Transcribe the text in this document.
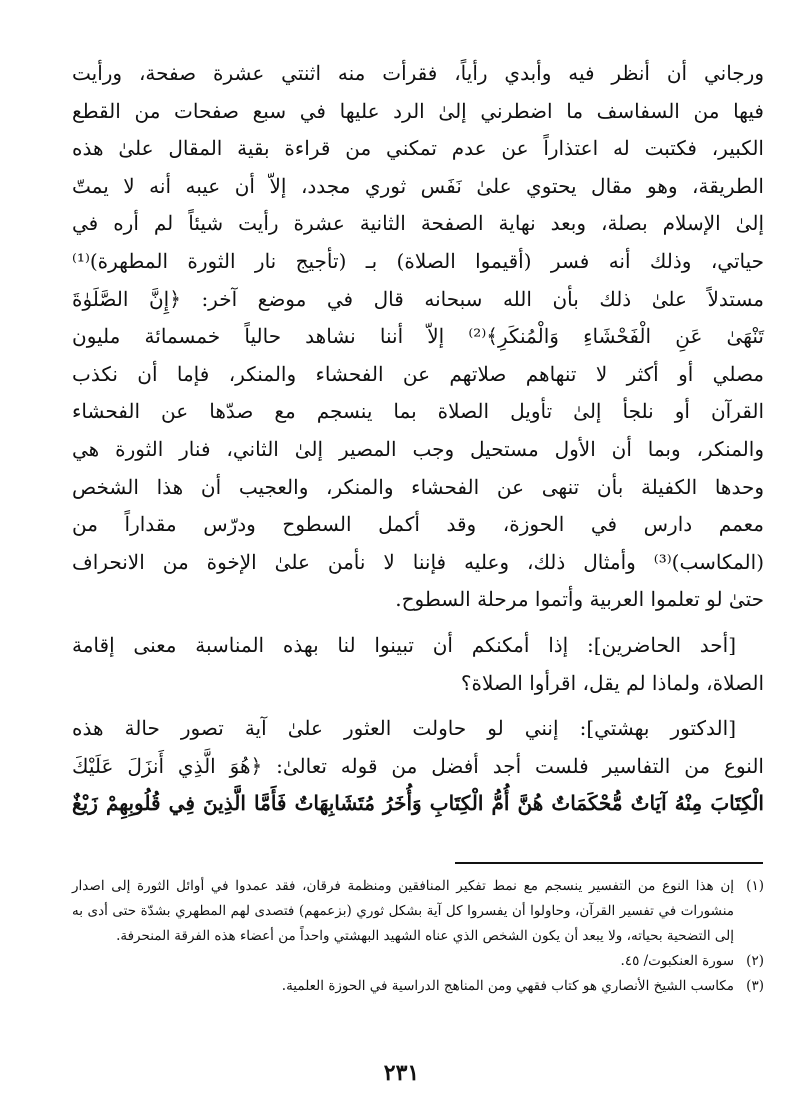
ورجاني أن أنظر فيه وأبدي رأياً، فقرأت منه اثنتي عشرة صفحة، ورأيت
فيها من السفاسف ما اضطرني إلىٰ الرد عليها في سبع صفحات من القطع
الكبير، فكتبت له اعتذاراً عن عدم تمكني من قراءة بقية المقال علىٰ هذه
الطريقة، وهو مقال يحتوي علىٰ نَفَس ثوري مجدد، إلاّ أن عيبه أنه لا يمتّ
إلىٰ الإسلام بصلة، وبعد نهاية الصفحة الثانية عشرة رأيت شيئاً لم أره في
حياتي، وذلك أنه فسر (أقيموا الصلاة) بـ (تأجيج نار الثورة المطهرة)⁽¹⁾
مستدلاً علىٰ ذلك بأن الله سبحانه قال في موضع آخر: ﴿إِنَّ الصَّلَوٰةَ
تَنْهَىٰ عَنِ الْفَحْشَاءِ وَالْمُنكَرِ﴾⁽²⁾ إلاّ أننا نشاهد حالياً خمسمائة مليون
مصلي أو أكثر لا تنهاهم صلاتهم عن الفحشاء والمنكر، فإما أن نكذب
القرآن أو نلجأ إلىٰ تأويل الصلاة بما ينسجم مع صدّها عن الفحشاء
والمنكر، وبما أن الأول مستحيل وجب المصير إلىٰ الثاني، فنار الثورة هي
وحدها الكفيلة بأن تنهى عن الفحشاء والمنكر، والعجيب أن هذا الشخص
معمم دارس في الحوزة، وقد أكمل السطوح ودرّس مقداراً من
(المكاسب)⁽³⁾ وأمثال ذلك، وعليه فإننا لا نأمن علىٰ الإخوة من الانحراف
حتىٰ لو تعلموا العربية وأتموا مرحلة السطوح.
[أحد الحاضرين]: إذا أمكنكم أن تبينوا لنا بهذه المناسبة معنى إقامة
الصلاة، ولماذا لم يقل، اقرأوا الصلاة؟
[الدكتور بهشتي]: إنني لو حاولت العثور علىٰ آية تصور حالة هذه
النوع من التفاسير فلست أجد أفضل من قوله تعالىٰ: ﴿هُوَ الَّذِي أَنزَلَ عَلَيْكَ
الْكِتَابَ مِنْهُ آيَاتٌ مُّحْكَمَاتٌ هُنَّ أُمُّ الْكِتَابِ وَأُخَرُ مُتَشَابِهَاتٌ فَأَمَّا الَّذِينَ فِي قُلُوبِهِمْ زَيْغٌ
(١)
إن هذا النوع من التفسير ينسجم مع نمط تفكير المنافقين ومنظمة فرقان، فقد عمدوا في أوائل الثورة إلى اصدار منشورات في تفسير القرآن، وحاولوا أن يفسروا كل آية بشكل ثوري (بزعمهم) فتصدى لهم المطهري بشدّة حتى أدى به إلى التضحية بحياته، ولا يبعد أن يكون الشخص الذي عناه الشهيد البهشتي واحداً من أعضاء هذه الفرقة المنحرفة.
(٢)
سورة العنكبوت/ ٤٥.
(٣)
مكاسب الشيخ الأنصاري هو كتاب فقهي ومن المناهج الدراسية في الحوزة العلمية.
٢٣١
